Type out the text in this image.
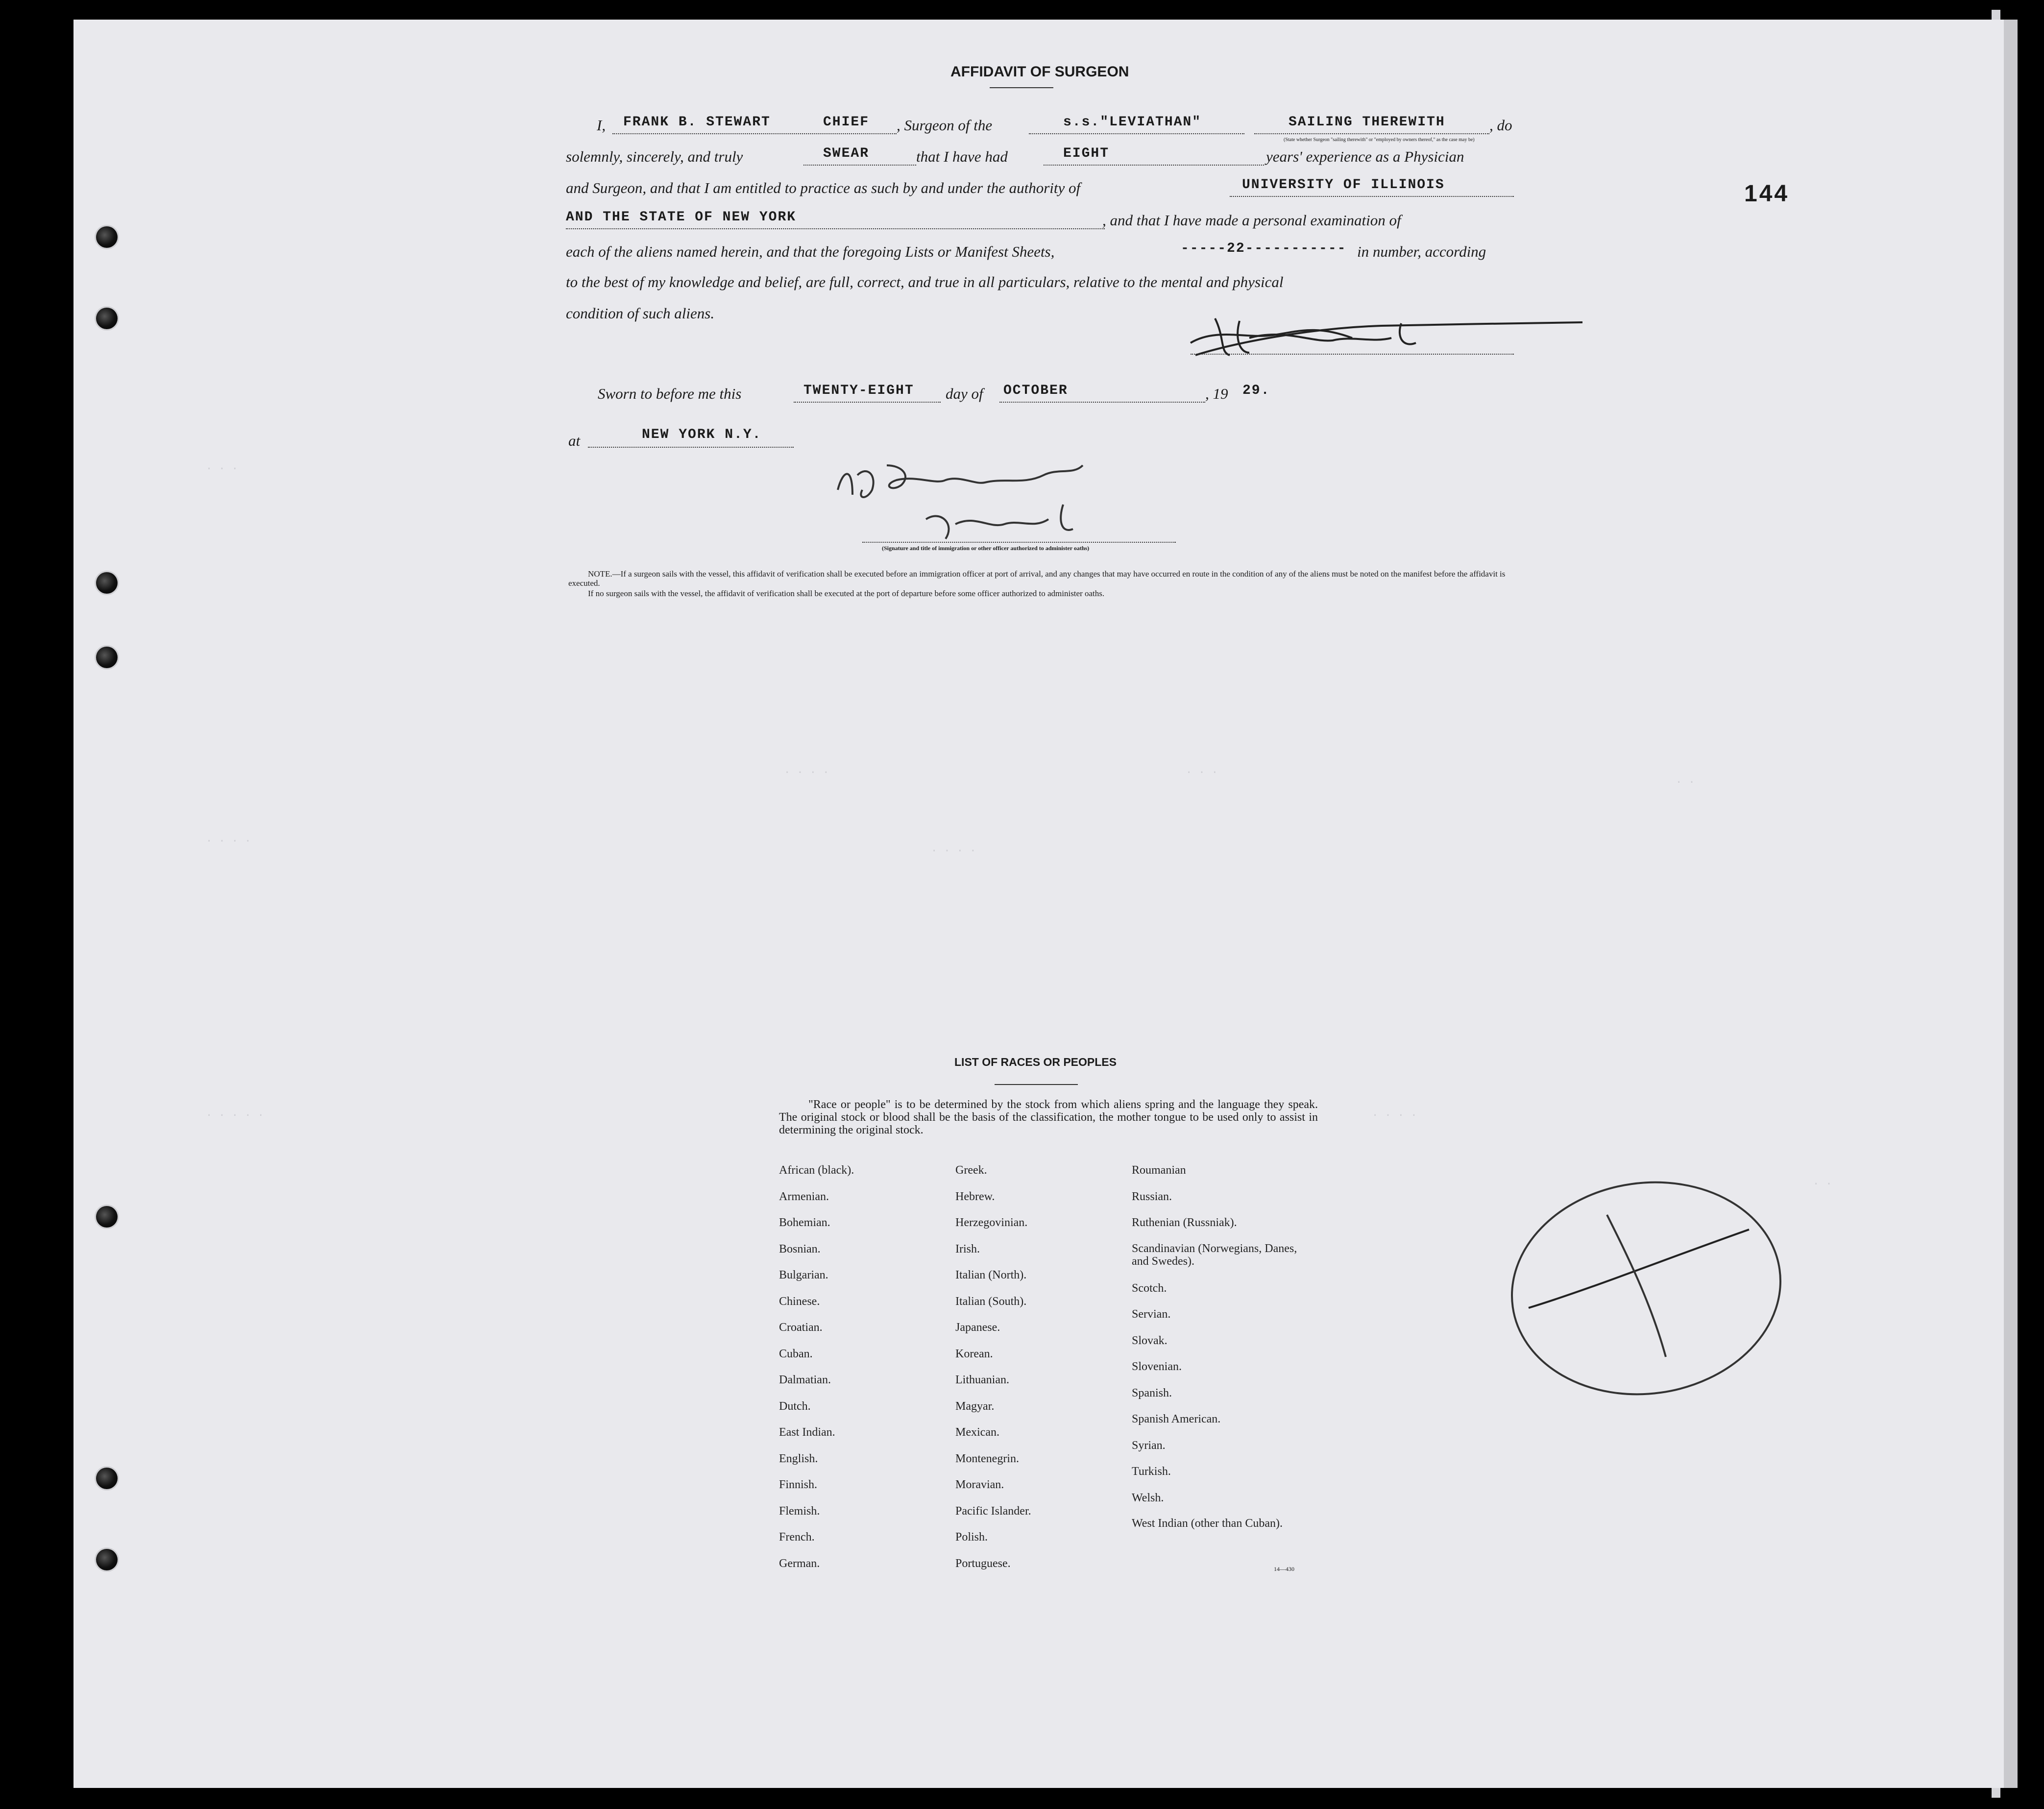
. . .
. . . .	. . .
. .
. . . .
. . . .
. . . . .	. . . .
. .
144
AFFIDAVIT OF SURGEON
I, FRANK B. STEWART	CHIEF , Surgeon of the	s.s."LEVIATHAN"	SAILING THEREWITH	, do
(State whether Surgeon "sailing therewith" or "employed by owners thereof," as the case may be)
solemnly, sincerely, and truly	SWEAR	that I have had	EIGHT	years' experience as a Physician
and Surgeon, and that I am entitled to practice as such by and under the authority of	UNIVERSITY OF ILLINOIS
AND THE STATE OF NEW YORK	, and that I have made a personal examination of
each of the aliens named herein, and that the foregoing Lists or Manifest Sheets,	-----22----------- in number, according
to the best of my knowledge and belief, are full, correct, and true in all particulars, relative to the mental and physical
condition of such aliens.
Sworn to before me this	TWENTY-EIGHT day of OCTOBER	, 19 29.
at	NEW YORK N.Y.
(Signature and title of immigration or other officer authorized to administer oaths)
NOTE.—If a surgeon sails with the vessel, this affidavit of verification shall be executed before an immigration officer at port of arrival, and any changes that may have occurred en route in the condition of any of the aliens must be noted on the manifest before the affidavit is executed.
If no surgeon sails with the vessel, the affidavit of verification shall be executed at the port of departure before some officer authorized to administer oaths.
LIST OF RACES OR PEOPLES
"Race or people" is to be determined by the stock from which aliens spring and the language they speak. The original stock or blood shall be the basis of the classification, the mother tongue to be used only to assist in determining the original stock.
African (black).
Armenian.
Bohemian.
Bosnian.
Bulgarian.
Chinese.
Croatian.
Cuban.
Dalmatian.
Dutch.
East Indian.
English.
Finnish.
Flemish.
French.
German.
Greek.
Hebrew.
Herzegovinian.
Irish.
Italian (North).
Italian (South).
Japanese.
Korean.
Lithuanian.
Magyar.
Mexican.
Montenegrin.
Moravian.
Pacific Islander.
Polish.
Portuguese.
Roumanian
Russian.
Ruthenian (Russniak).
Scandinavian (Norwegians, Danes, and Swedes).
Scotch.
Servian.
Slovak.
Slovenian.
Spanish.
Spanish American.
Syrian.
Turkish.
Welsh.
West Indian (other than Cuban).
14—430
